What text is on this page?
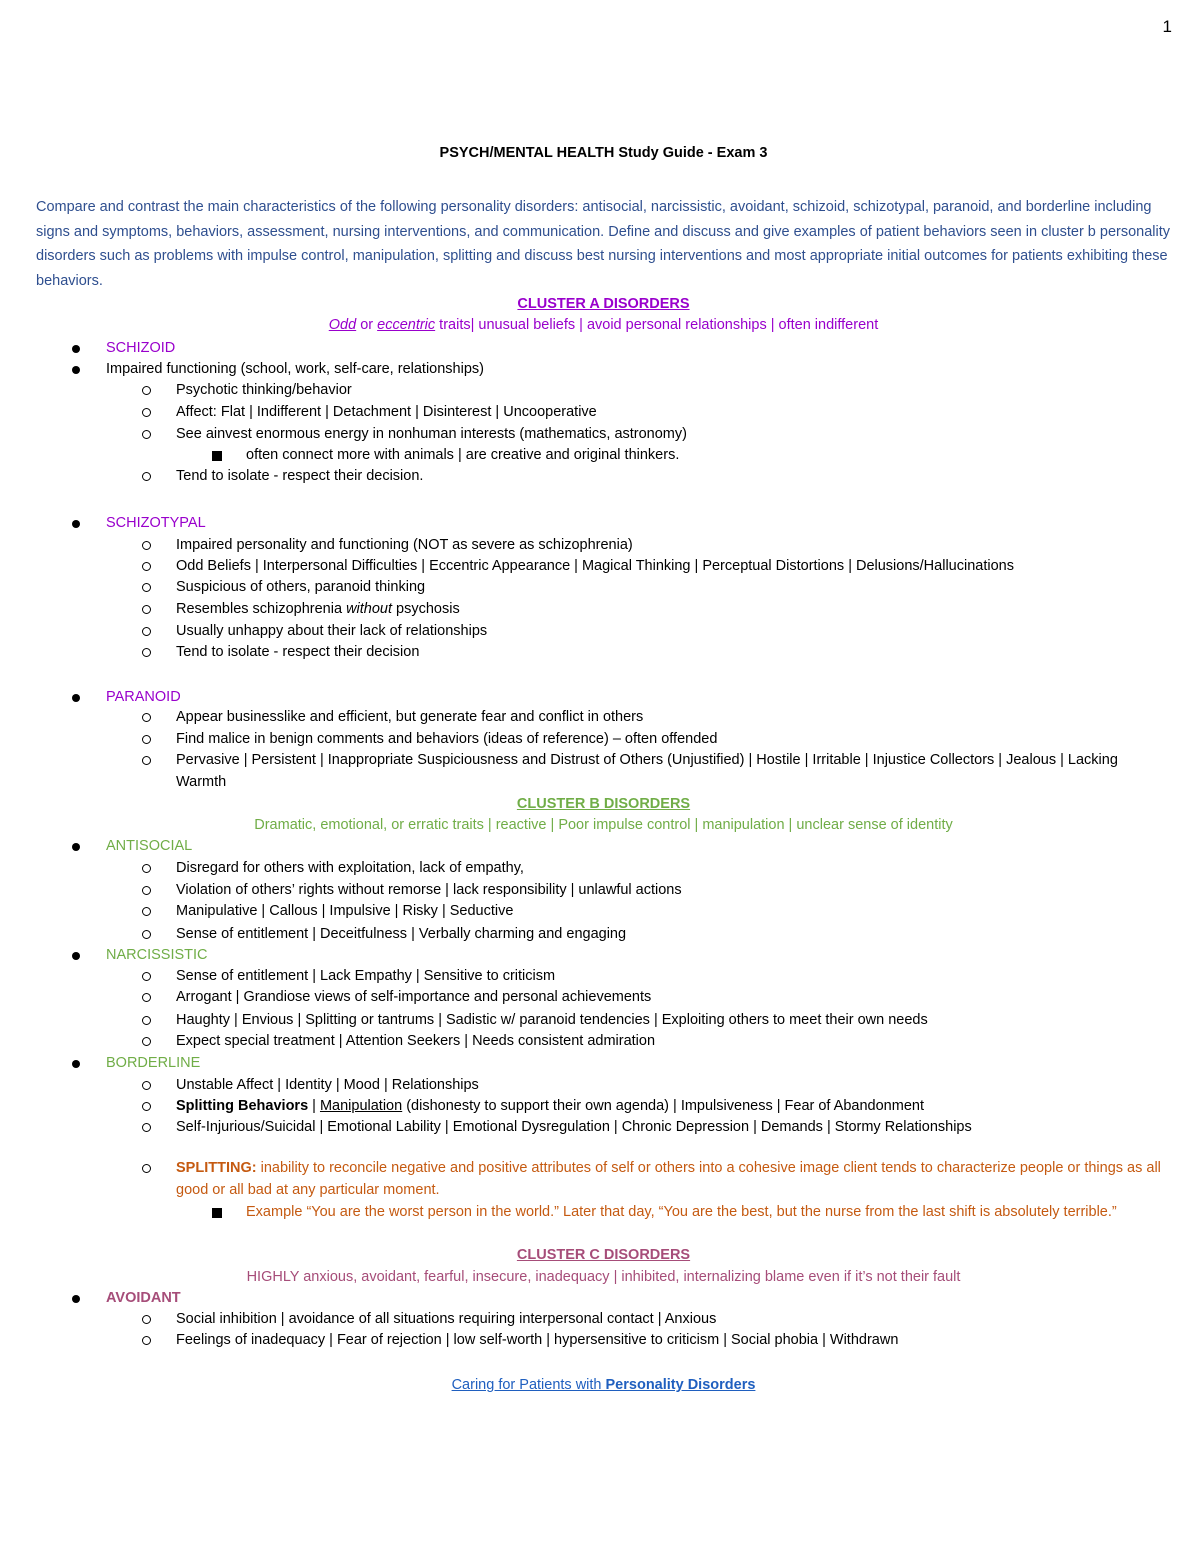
1
PSYCH/MENTAL HEALTH Study Guide - Exam 3
Compare and contrast the main characteristics of the following personality disorders: antisocial, narcissistic, avoidant, schizoid, schizotypal, paranoid, and borderline including signs and symptoms, behaviors, assessment, nursing interventions, and communication. Define and discuss and give examples of patient behaviors seen in cluster b personality disorders such as problems with impulse control, manipulation, splitting and discuss best nursing interventions and most appropriate initial outcomes for patients exhibiting these behaviors.
CLUSTER A DISORDERS
Odd or eccentric traits| unusual beliefs | avoid personal relationships | often indifferent
SCHIZOID
Impaired functioning (school, work, self-care, relationships)
Psychotic thinking/behavior
Affect: Flat | Indifferent | Detachment | Disinterest | Uncooperative
See ainvest enormous energy in nonhuman interests (mathematics, astronomy)
often connect more with animals | are creative and original thinkers.
Tend to isolate - respect their decision.
SCHIZOTYPAL
Impaired personality and functioning (NOT as severe as schizophrenia)
Odd Beliefs | Interpersonal Difficulties | Eccentric Appearance | Magical Thinking | Perceptual Distortions | Delusions/Hallucinations
Suspicious of others, paranoid thinking
Resembles schizophrenia without psychosis
Usually unhappy about their lack of relationships
Tend to isolate - respect their decision
PARANOID
Appear businesslike and efficient, but generate fear and conflict in others
Find malice in benign comments and behaviors (ideas of reference) – often offended
Pervasive | Persistent | Inappropriate Suspiciousness and Distrust of Others (Unjustified) | Hostile | Irritable | Injustice Collectors | Jealous | Lacking Warmth
CLUSTER B DISORDERS
Dramatic, emotional, or erratic traits | reactive | Poor impulse control | manipulation | unclear sense of identity
ANTISOCIAL
Disregard for others with exploitation, lack of empathy,
Violation of others’ rights without remorse | lack responsibility | unlawful actions
Manipulative | Callous | Impulsive | Risky | Seductive
Sense of entitlement | Deceitfulness | Verbally charming and engaging
NARCISSISTIC
Sense of entitlement | Lack Empathy | Sensitive to criticism
Arrogant | Grandiose views of self-importance and personal achievements
Haughty | Envious | Splitting or tantrums | Sadistic w/ paranoid tendencies | Exploiting others to meet their own needs
Expect special treatment | Attention Seekers | Needs consistent admiration
BORDERLINE
Unstable Affect | Identity | Mood | Relationships
Splitting Behaviors | Manipulation (dishonesty to support their own agenda) | Impulsiveness | Fear of Abandonment
Self-Injurious/Suicidal | Emotional Lability | Emotional Dysregulation | Chronic Depression | Demands | Stormy Relationships
SPLITTING: inability to reconcile negative and positive attributes of self or others into a cohesive image client tends to characterize people or things as all good or all bad at any particular moment.
Example “You are the worst person in the world.” Later that day, “You are the best, but the nurse from the last shift is absolutely terrible.”
CLUSTER C DISORDERS
HIGHLY anxious, avoidant, fearful, insecure, inadequacy | inhibited, internalizing blame even if it’s not their fault
AVOIDANT
Social inhibition | avoidance of all situations requiring interpersonal contact | Anxious
Feelings of inadequacy | Fear of rejection | low self-worth | hypersensitive to criticism | Social phobia | Withdrawn
Caring for Patients with Personality Disorders
